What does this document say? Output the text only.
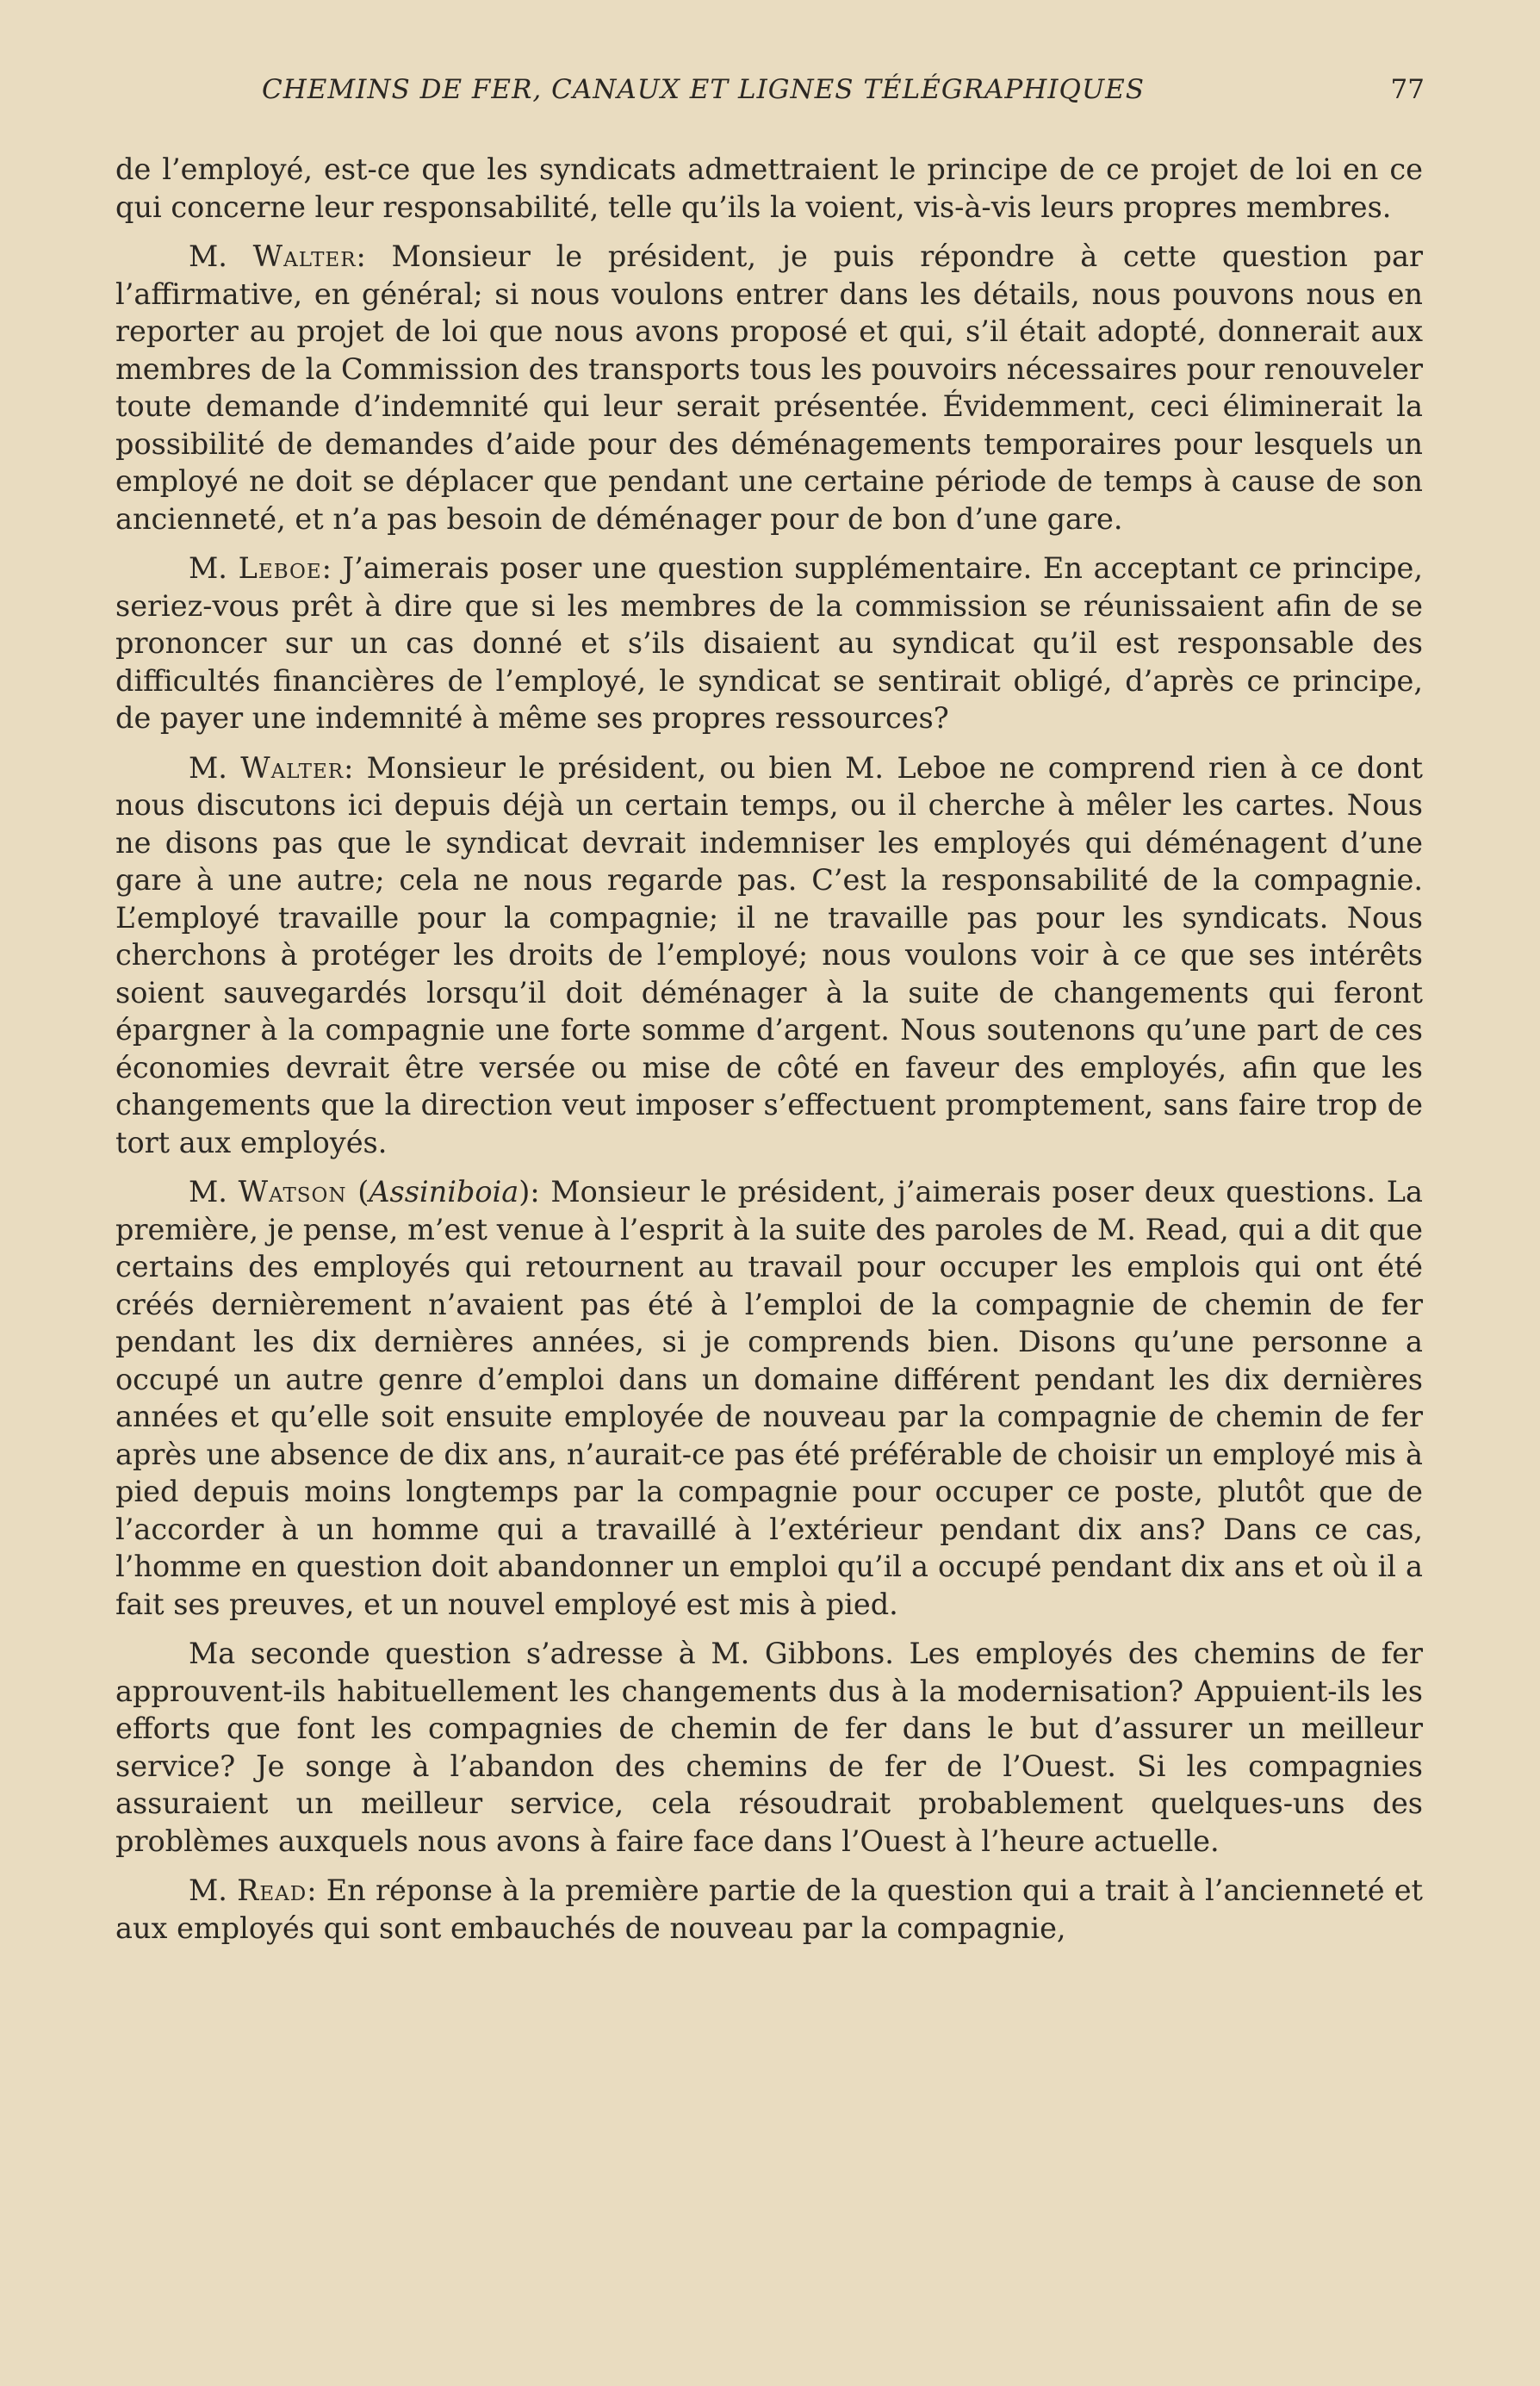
CHEMINS DE FER, CANAUX ET LIGNES TÉLÉGRAPHIQUES	77

de l’employé, est-ce que les syndicats admettraient le principe de ce projet de loi en ce qui concerne leur responsabilité, telle qu’ils la voient, vis-à-vis leurs propres membres.

M. Walter: Monsieur le président, je puis répondre à cette question par l’affirmative, en général; si nous voulons entrer dans les détails, nous pouvons nous en reporter au projet de loi que nous avons proposé et qui, s’il était adopté, donnerait aux membres de la Commission des transports tous les pouvoirs nécessaires pour renouveler toute demande d’indemnité qui leur serait présentée. Évidemment, ceci éliminerait la possibilité de demandes d’aide pour des déménagements temporaires pour lesquels un employé ne doit se déplacer que pendant une certaine période de temps à cause de son ancienneté, et n’a pas besoin de déménager pour de bon d’une gare.

M. Leboe: J’aimerais poser une question supplémentaire. En acceptant ce principe, seriez-vous prêt à dire que si les membres de la commission se réunissaient afin de se prononcer sur un cas donné et s’ils disaient au syndicat qu’il est responsable des difficultés financières de l’employé, le syndicat se sentirait obligé, d’après ce principe, de payer une indemnité à même ses propres ressources?

M. Walter: Monsieur le président, ou bien M. Leboe ne comprend rien à ce dont nous discutons ici depuis déjà un certain temps, ou il cherche à mêler les cartes. Nous ne disons pas que le syndicat devrait indemniser les employés qui déménagent d’une gare à une autre; cela ne nous regarde pas. C’est la responsabilité de la compagnie. L’employé travaille pour la compagnie; il ne travaille pas pour les syndicats. Nous cherchons à protéger les droits de l’employé; nous voulons voir à ce que ses intérêts soient sauvegardés lorsqu’il doit déménager à la suite de changements qui feront épargner à la compagnie une forte somme d’argent. Nous soutenons qu’une part de ces économies devrait être versée ou mise de côté en faveur des employés, afin que les changements que la direction veut imposer s’effectuent promptement, sans faire trop de tort aux employés.

M. Watson (Assiniboia): Monsieur le président, j’aimerais poser deux questions. La première, je pense, m’est venue à l’esprit à la suite des paroles de M. Read, qui a dit que certains des employés qui retournent au travail pour occuper les emplois qui ont été créés dernièrement n’avaient pas été à l’emploi de la compagnie de chemin de fer pendant les dix dernières années, si je comprends bien. Disons qu’une personne a occupé un autre genre d’emploi dans un domaine différent pendant les dix dernières années et qu’elle soit ensuite employée de nouveau par la compagnie de chemin de fer après une absence de dix ans, n’aurait-ce pas été préférable de choisir un employé mis à pied depuis moins longtemps par la compagnie pour occuper ce poste, plutôt que de l’accorder à un homme qui a travaillé à l’extérieur pendant dix ans? Dans ce cas, l’homme en question doit abandonner un emploi qu’il a occupé pendant dix ans et où il a fait ses preuves, et un nouvel employé est mis à pied.

Ma seconde question s’adresse à M. Gibbons. Les employés des chemins de fer approuvent-ils habituellement les changements dus à la modernisation? Appuient-ils les efforts que font les compagnies de chemin de fer dans le but d’assurer un meilleur service? Je songe à l’abandon des chemins de fer de l’Ouest. Si les compagnies assuraient un meilleur service, cela résoudrait probablement quelques-uns des problèmes auxquels nous avons à faire face dans l’Ouest à l’heure actuelle.

M. Read: En réponse à la première partie de la question qui a trait à l’ancienneté et aux employés qui sont embauchés de nouveau par la compagnie,
